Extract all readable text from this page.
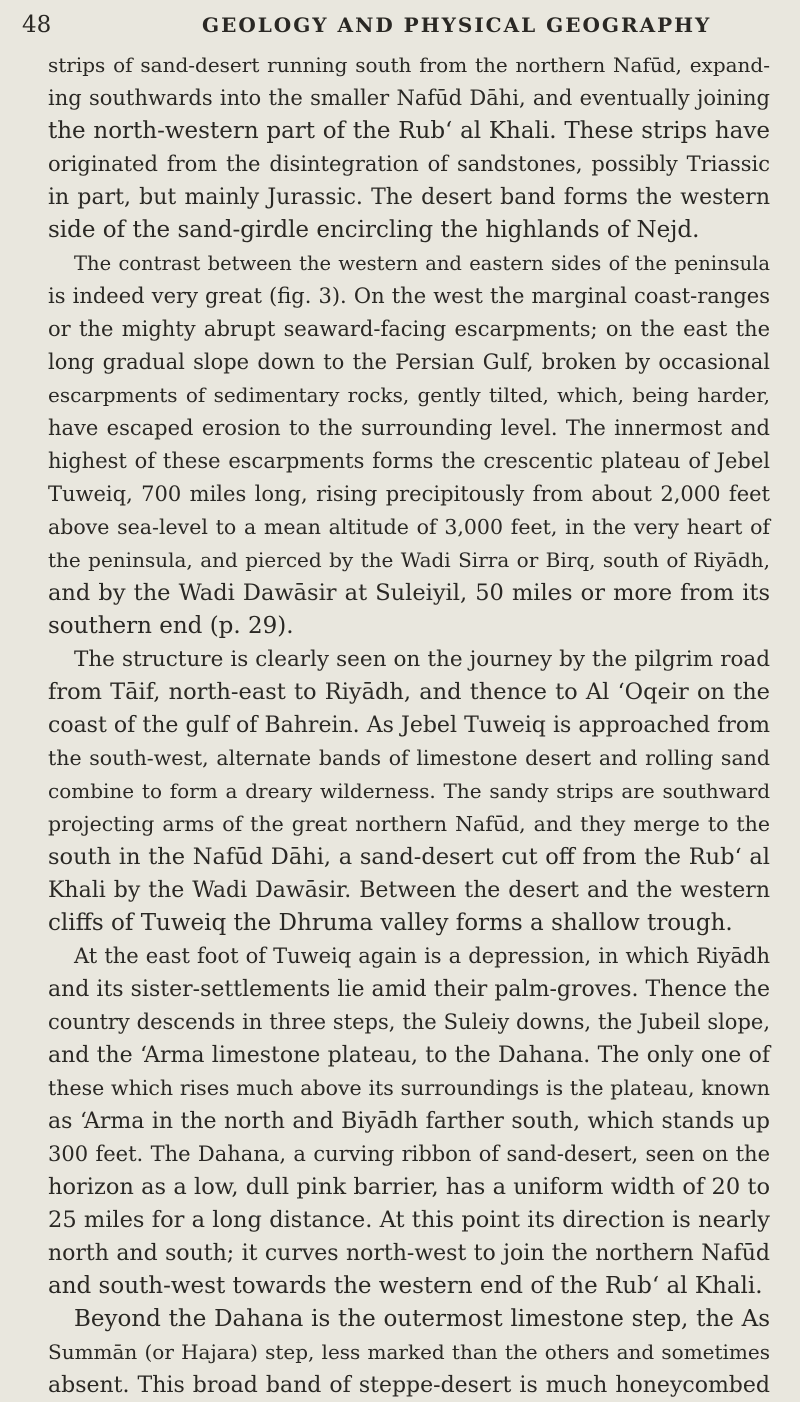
48	GEOLOGY AND PHYSICAL GEOGRAPHY
strips of sand-desert running south from the northern Nafūd, expand-
ing southwards into the smaller Nafūd Dāhi, and eventually joining
the north-western part of the Rub‘ al Khali. These strips have
originated from the disintegration of sandstones, possibly Triassic
in part, but mainly Jurassic. The desert band forms the western
side of the sand-girdle encircling the highlands of Nejd.
The contrast between the western and eastern sides of the peninsula
is indeed very great (fig. 3). On the west the marginal coast-ranges
or the mighty abrupt seaward-facing escarpments; on the east the
long gradual slope down to the Persian Gulf, broken by occasional
escarpments of sedimentary rocks, gently tilted, which, being harder,
have escaped erosion to the surrounding level. The innermost and
highest of these escarpments forms the crescentic plateau of Jebel
Tuweiq, 700 miles long, rising precipitously from about 2,000 feet
above sea-level to a mean altitude of 3,000 feet, in the very heart of
the peninsula, and pierced by the Wadi Sirra or Birq, south of Riyādh,
and by the Wadi Dawāsir at Suleiyil, 50 miles or more from its
southern end (p. 29).
The structure is clearly seen on the journey by the pilgrim road
from Tāif, north-east to Riyādh, and thence to Al ‘Oqeir on the
coast of the gulf of Bahrein. As Jebel Tuweiq is approached from
the south-west, alternate bands of limestone desert and rolling sand
combine to form a dreary wilderness. The sandy strips are southward
projecting arms of the great northern Nafūd, and they merge to the
south in the Nafūd Dāhi, a sand-desert cut off from the Rub‘ al
Khali by the Wadi Dawāsir. Between the desert and the western
cliffs of Tuweiq the Dhruma valley forms a shallow trough.
At the east foot of Tuweiq again is a depression, in which Riyādh
and its sister-settlements lie amid their palm-groves. Thence the
country descends in three steps, the Suleiy downs, the Jubeil slope,
and the ‘Arma limestone plateau, to the Dahana. The only one of
these which rises much above its surroundings is the plateau, known
as ‘Arma in the north and Biyādh farther south, which stands up
300 feet. The Dahana, a curving ribbon of sand-desert, seen on the
horizon as a low, dull pink barrier, has a uniform width of 20 to
25 miles for a long distance. At this point its direction is nearly
north and south; it curves north-west to join the northern Nafūd
and south-west towards the western end of the Rub‘ al Khali.
Beyond the Dahana is the outermost limestone step, the As
Summān (or Hajara) step, less marked than the others and sometimes
absent. This broad band of steppe-desert is much honeycombed
